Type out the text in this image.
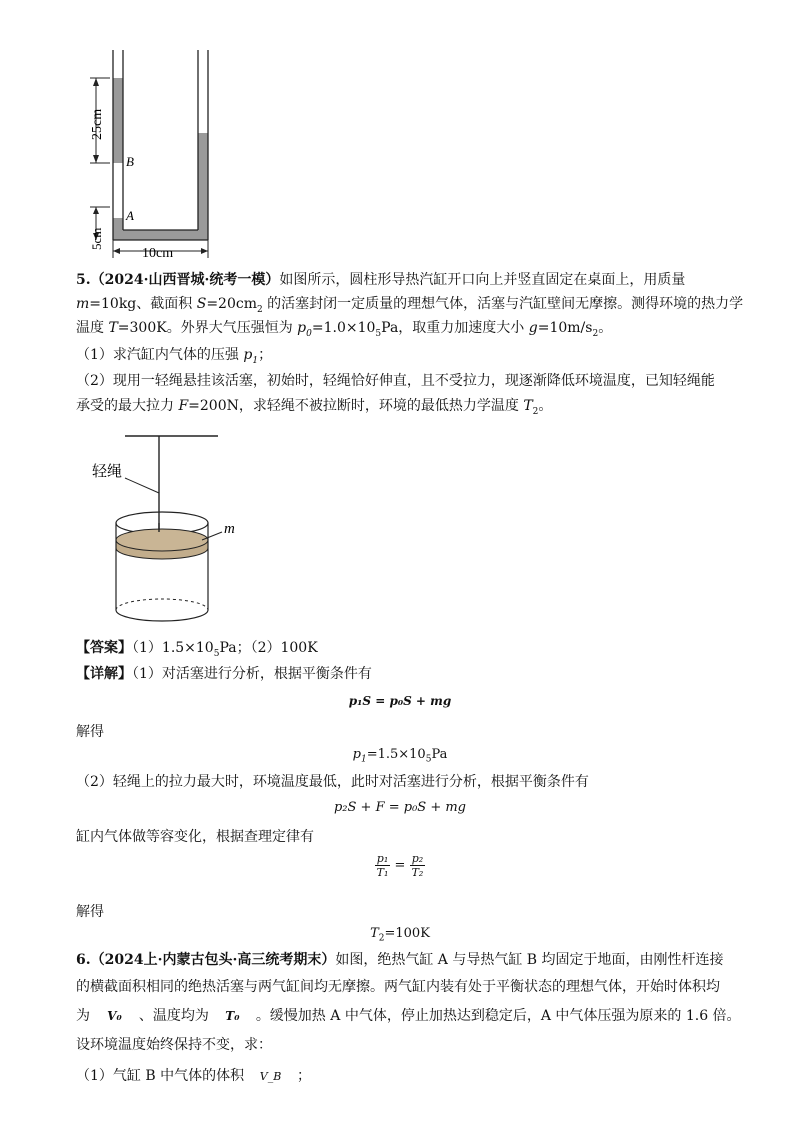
25cm
5cm
10cm
B
A
5.（2024·山西晋城·统考一模）如图所示，圆柱形导热汽缸开口向上并竖直固定在桌面上，用质量
m=10kg、截面积 $S=20cm_2$ 的活塞封闭一定质量的理想气体，活塞与汽缸壁间无摩擦。测得环境的热力学
温度 T=300K。外界大气压强恒为 $p_0=1.0\times 10_5Pa$，取重力加速度大小 $g=10m/s_2$。
（1）求汽缸内气体的压强 $p_1$；
（2）现用一轻绳悬挂该活塞，初始时，轻绳恰好伸直，且不受拉力，现逐渐降低环境温度，已知轻绳能
承受的最大拉力 F=200N，求轻绳不被拉断时，环境的最低热力学温度 $T_2$。
轻绳
m
【答案】$(1)1.5\times 10_5Pa$；（2）100K
【详解】（1）对活塞进行分析，根据平衡条件有
p₁S = p₀S + mg
解得
$p_1=1.5\times 10_5Pa$
（2）轻绳上的拉力最大时，环境温度最低，此时对活塞进行分析，根据平衡条件有
p₂S + F = p₀S + mg
缸内气体做等容变化，根据查理定律有
$\frac{\text{p₁}}{\text{T₁}} = \frac{\text{p₂}}{\text{T₂}}$
解得
$T_2=100K$
6.（2024上·内蒙古包头·高三统考期末）如图，绝热气缸 A 与导热气缸 B 均固定于地面，由刚性杆连接
的横截面积相同的绝热活塞与两气缸间均无摩擦。两气缸内装有处于平衡状态的理想气体，开始时体积均
为 V₀ 、温度均为 T₀ 。缓慢加热 A 中气体，停止加热达到稳定后，A 中气体压强为原来的 1.6 倍。
设环境温度始终保持不变，求：
（1）气缸 B 中气体的体积 V_B ；
